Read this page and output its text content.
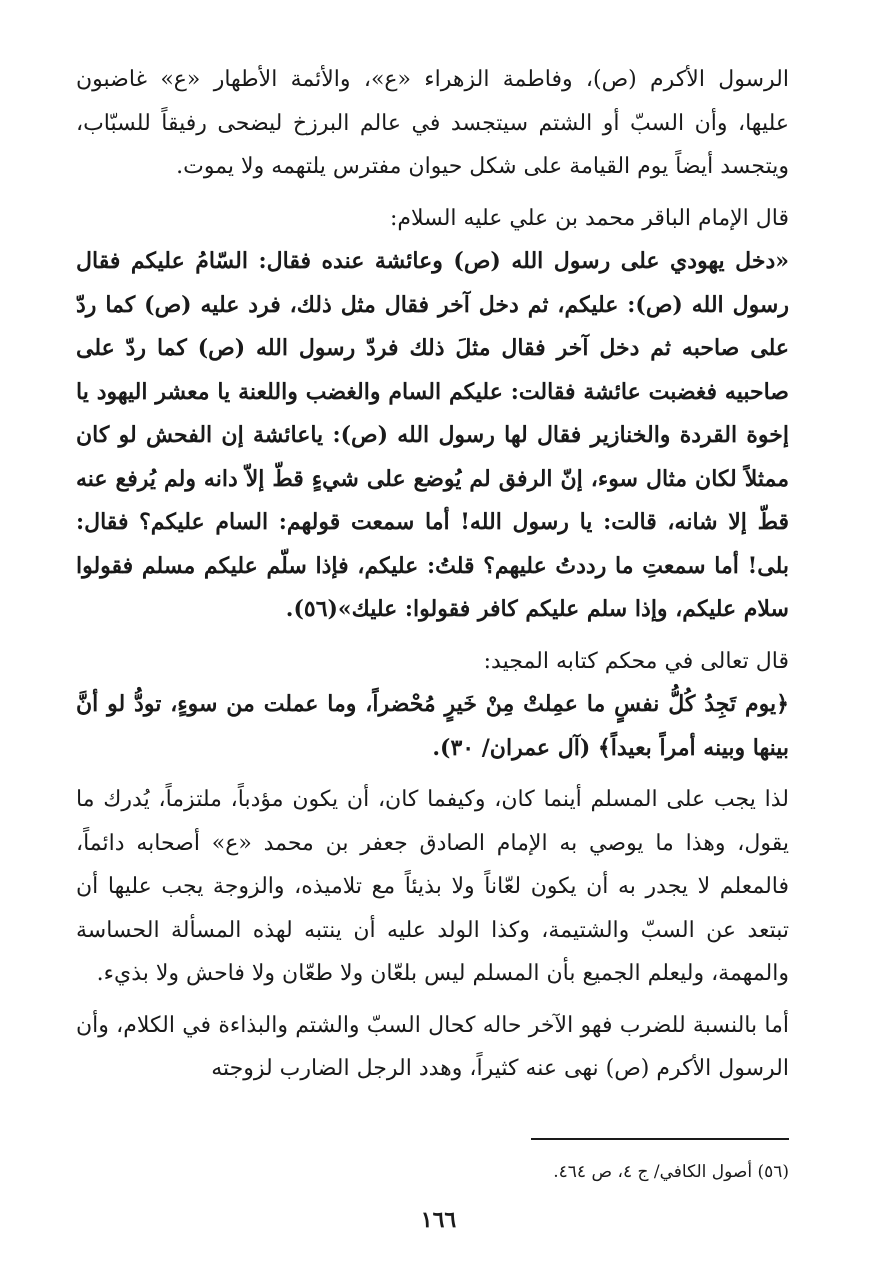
الرسول الأكرم (ص)، وفاطمة الزهراء «ع»، والأئمة الأطهار «ع» غاضبون عليها، وأن السبّ أو الشتم سيتجسد في عالم البرزخ ليضحى رفيقاً للسبّاب، ويتجسد أيضاً يوم القيامة على شكل حيوان مفترس يلتهمه ولا يموت.

قال الإمام الباقر محمد بن علي عليه السلام:

«دخل يهودي على رسول الله (ص) وعائشة عنده فقال: السّامُ عليكم فقال رسول الله (ص): عليكم، ثم دخل آخر فقال مثل ذلك، فرد عليه (ص) كما ردّ على صاحبه ثم دخل آخر فقال مثلَ ذلك فردّ رسول الله (ص) كما ردّ على صاحبيه فغضبت عائشة فقالت: عليكم السام والغضب واللعنة يا معشر اليهود يا إخوة القردة والخنازير فقال لها رسول الله (ص): ياعائشة إن الفحش لو كان ممثلاً لكان مثال سوء، إنّ الرفق لم يُوضع على شيءٍ قطّ إلاّ دانه ولم يُرفع عنه قطّ إلا شانه، قالت: يا رسول الله! أما سمعت قولهم: السام عليكم؟ فقال: بلى! أما سمعتِ ما رددتُ عليهم؟ قلتُ: عليكم، فإذا سلّم عليكم مسلم فقولوا سلام عليكم، وإذا سلم عليكم كافر فقولوا: عليك»(٥٦).

قال تعالى في محكم كتابه المجيد:

﴿يوم تَجِدُ كُلُّ نفسٍ ما عمِلتْ مِنْ خَيرٍ مُحْضراً، وما عملت من سوءٍ، تودُّ لو أنَّ بينها وبينه أمراً بعيداً﴾ (آل عمران/ ٣٠).

لذا يجب على المسلم أينما كان، وكيفما كان، أن يكون مؤدباً، ملتزماً، يُدرك ما يقول، وهذا ما يوصي به الإمام الصادق جعفر بن محمد «ع» أصحابه دائماً، فالمعلم لا يجدر به أن يكون لعّاناً ولا بذيئاً مع تلاميذه، والزوجة يجب عليها أن تبتعد عن السبّ والشتيمة، وكذا الولد عليه أن ينتبه لهذه المسألة الحساسة والمهمة، وليعلم الجميع بأن المسلم ليس بلعّان ولا طعّان ولا فاحش ولا بذيء.

أما بالنسبة للضرب فهو الآخر حاله كحال السبّ والشتم والبذاءة في الكلام، وأن الرسول الأكرم (ص) نهى عنه كثيراً، وهدد الرجل الضارب لزوجته

(٥٦) أصول الكافي/ ج ٤، ص ٤٦٤.
١٦٦
